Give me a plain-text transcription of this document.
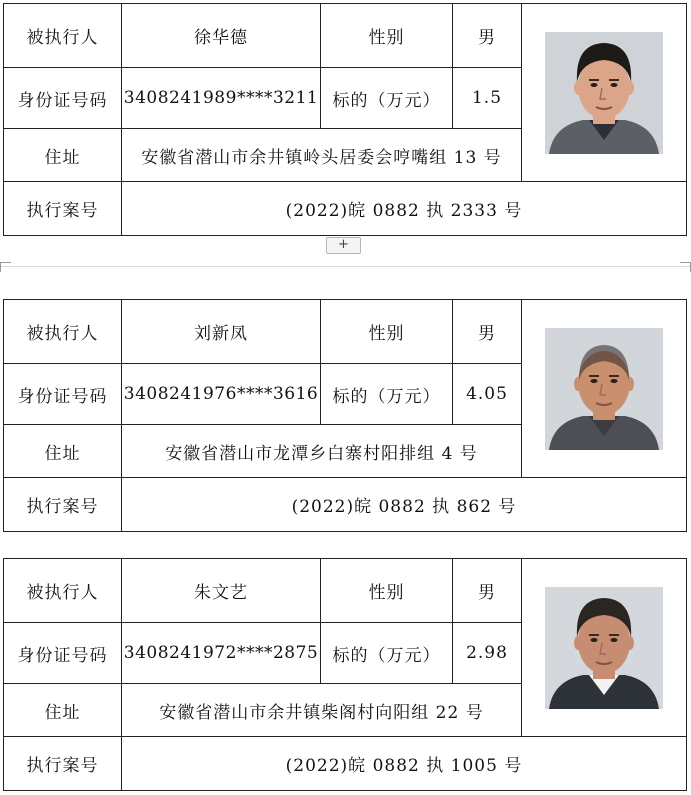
被执行人	徐华德	性别	男	

身份证号码	3408241989****3211	标的（万元）	1.5	
住址	安徽省潜山市余井镇岭头居委会哼嘴组 13 号			
执行案号	(2022)皖 0882 执 2333 号			
被执行人	刘新凤	性别	男	

身份证号码	3408241976****3616	标的（万元）	4.05	
住址	安徽省潜山市龙潭乡白寨村阳排组 4 号			
执行案号	(2022)皖 0882 执 862 号			
被执行人	朱文艺	性别	男	

身份证号码	3408241972****2875	标的（万元）	2.98	
住址	安徽省潜山市余井镇柴阁村向阳组 22 号			
执行案号	(2022)皖 0882 执 1005 号			
+
